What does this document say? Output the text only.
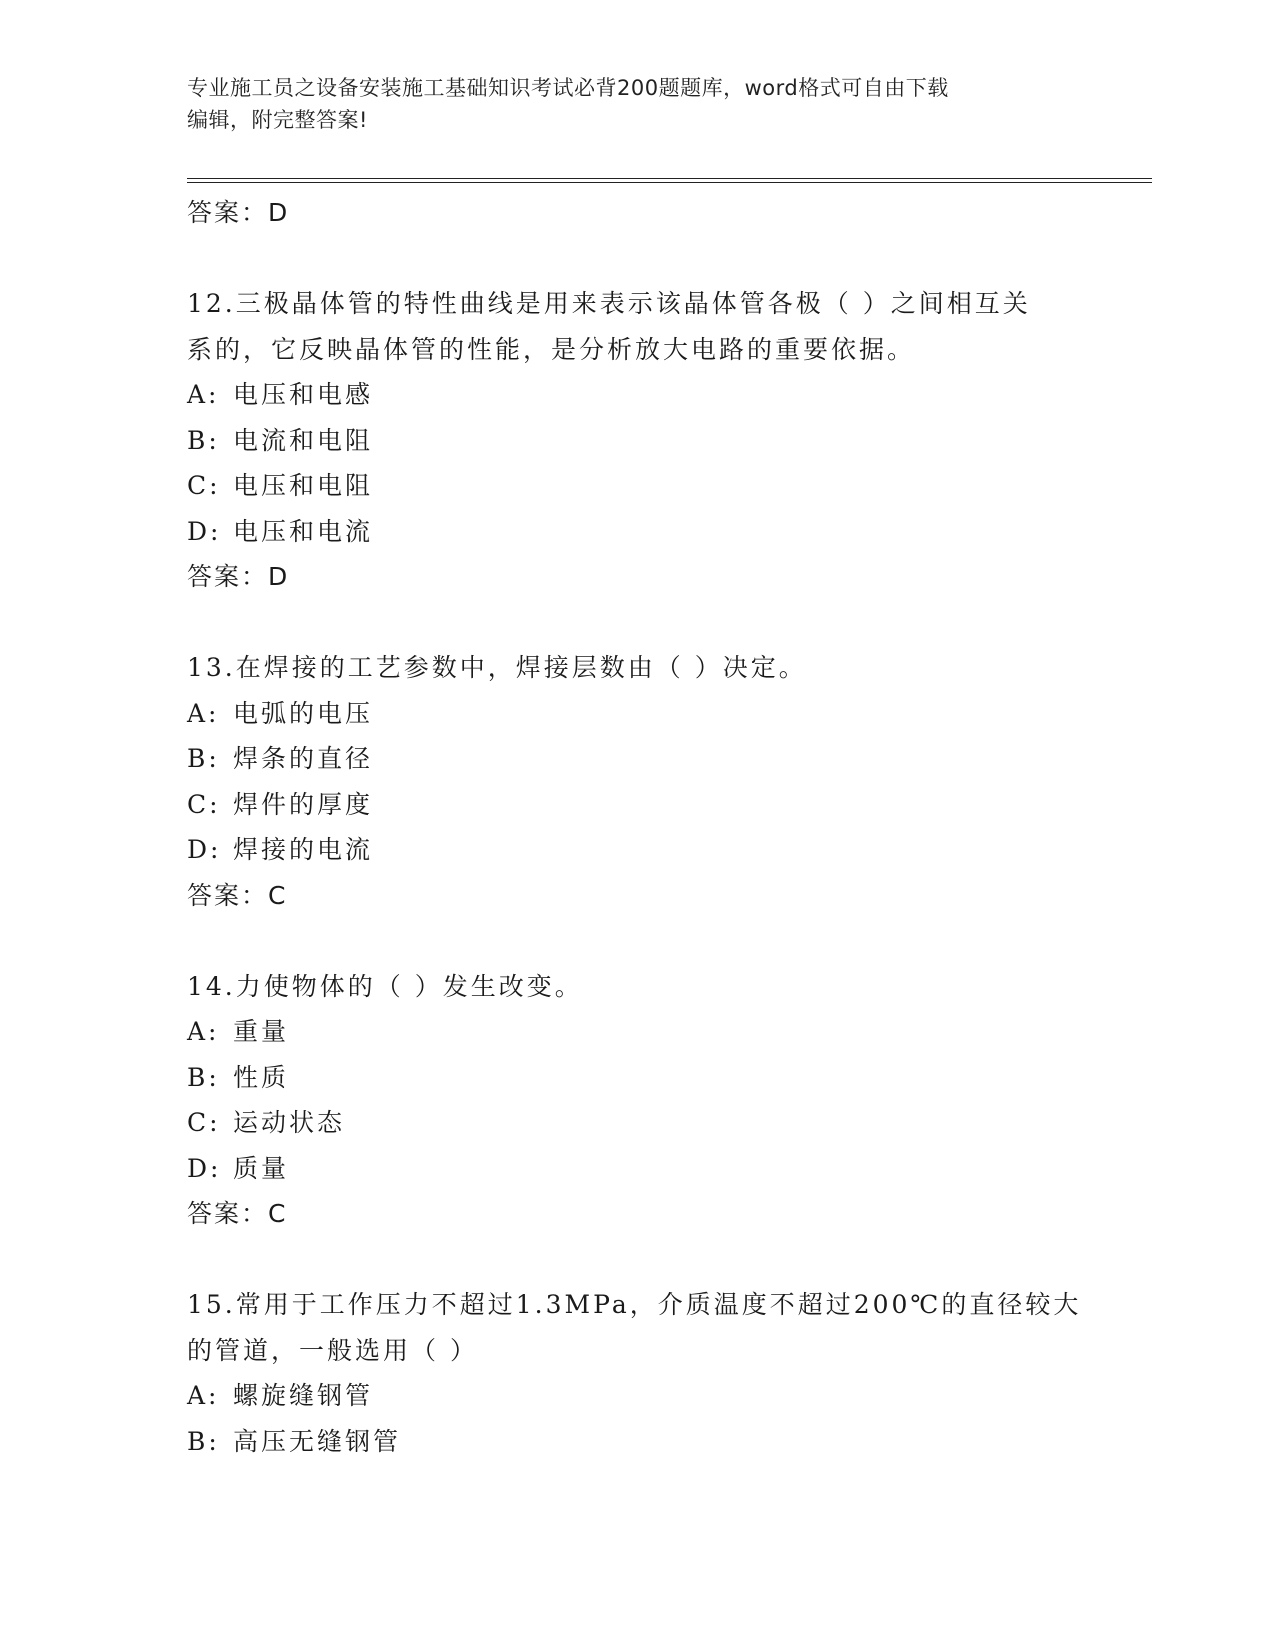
专业施工员之设备安装施工基础知识考试必背200题题库，word格式可自由下载
编辑，附完整答案!
答案：D
12.三极晶体管的特性曲线是用来表示该晶体管各极（ ）之间相互关
系的，它反映晶体管的性能，是分析放大电路的重要依据。
A: 电压和电感
B: 电流和电阻
C: 电压和电阻
D: 电压和电流
答案：D
13.在焊接的工艺参数中，焊接层数由（ ）决定。
A: 电弧的电压
B: 焊条的直径
C: 焊件的厚度
D: 焊接的电流
答案：C
14.力使物体的（ ）发生改变。
A: 重量
B: 性质
C: 运动状态
D: 质量
答案：C
15.常用于工作压力不超过1.3MPa，介质温度不超过200℃的直径较大
的管道，一般选用（ ）
A: 螺旋缝钢管
B: 高压无缝钢管
